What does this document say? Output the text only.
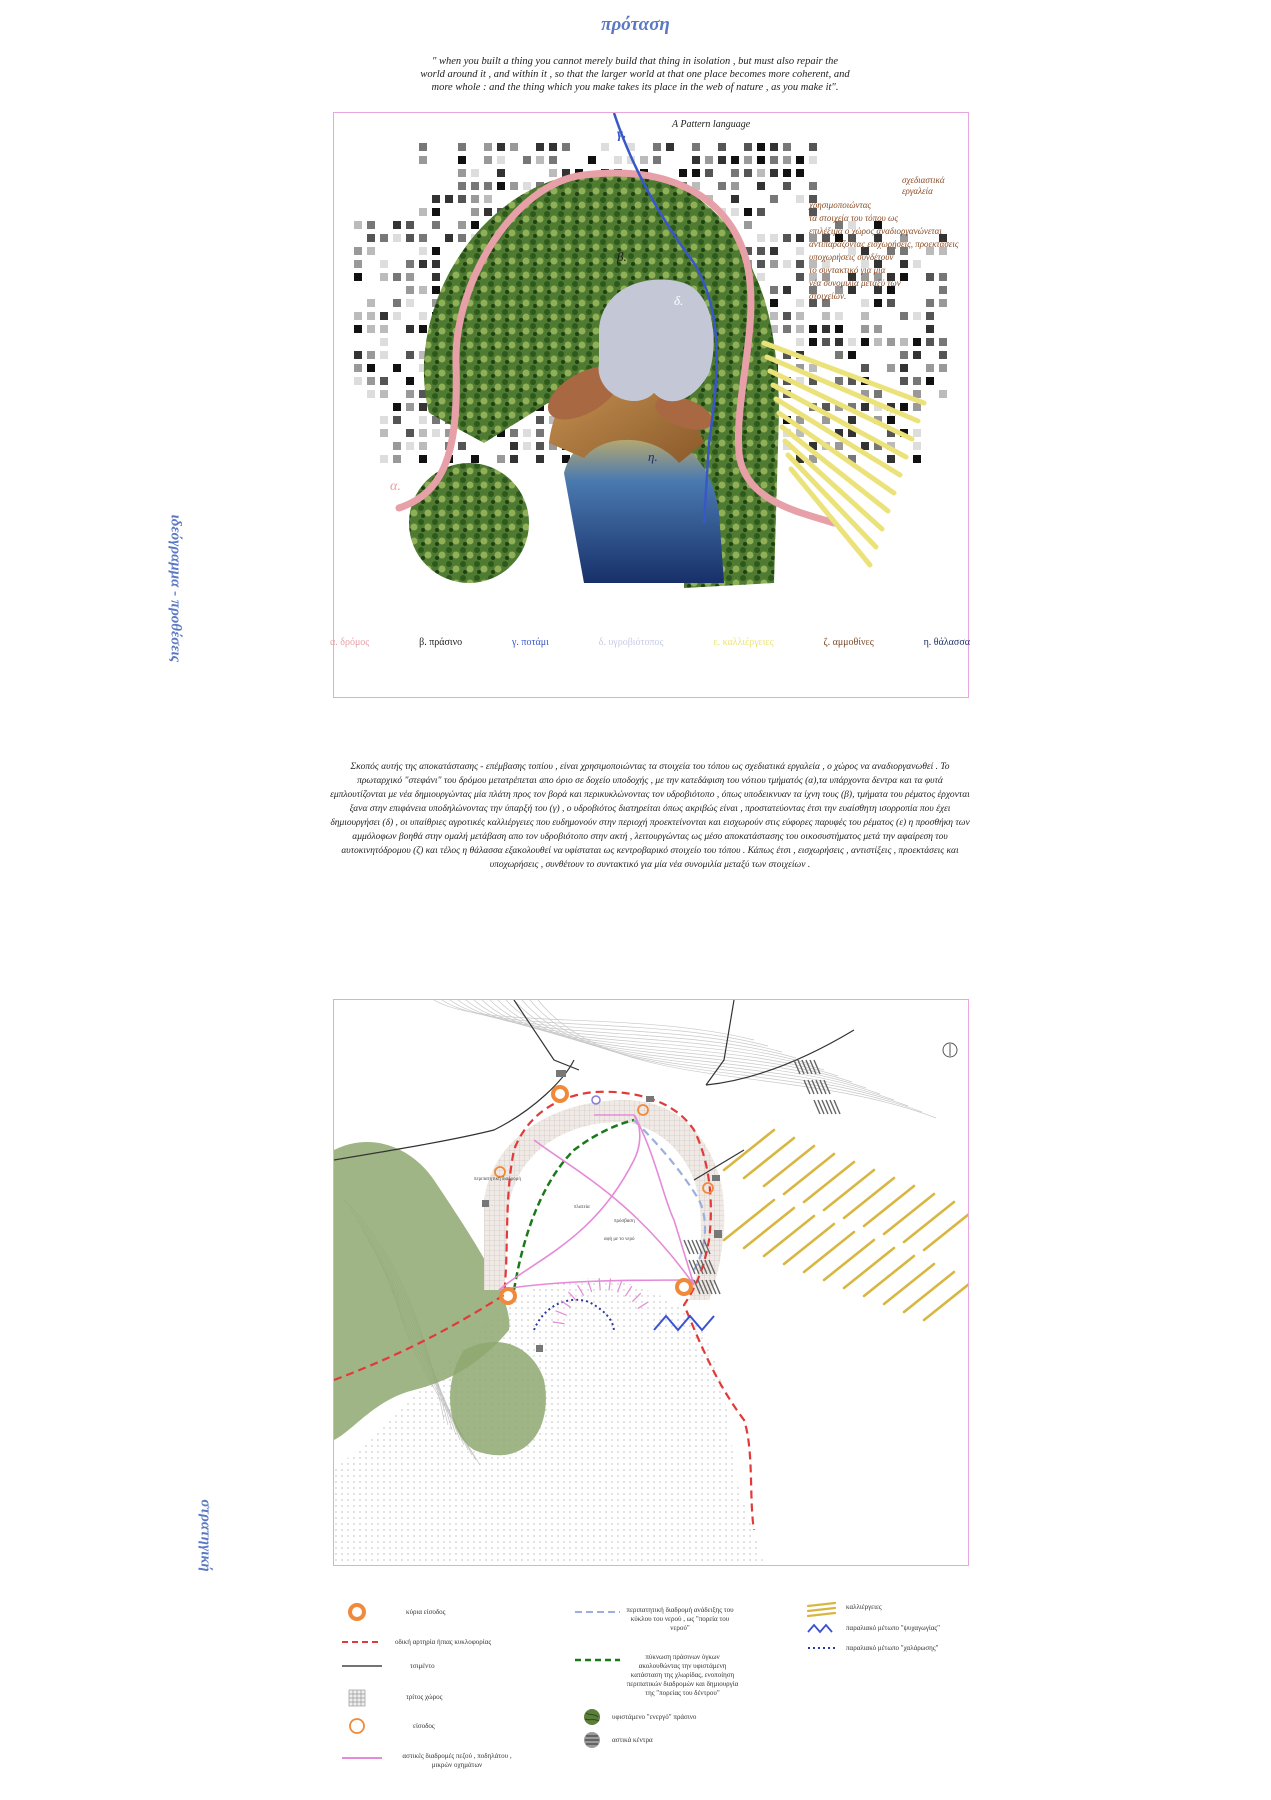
πρόταση
" when you built a thing you cannot merely build that thing in isolation , but must also repair the world around it , and within it , so that the larger world at that one place becomes more coherent, and more whole : and the thing which you make takes its place in the web of nature , as you make it".
A Pattern language
χρησιμοποιώντας
τα στοιχεία του τόπου ως
επιλέξιμα ο χώρος αναδιοργανώνεται
αντιπαράζοντας εισχωρήσεις, προεκτάσεις
υποχωρήσεις συνδέτουν
το συντακτικό για μια
νέα συνομιλία μεταξύ των
στοιχείων.
σχεδιαστικά
εργαλεία
α.
β.
γ.
δ.
ε.
η.
α. δρόμος	β. πράσινο	γ. ποτάμι	δ. υγροβιότοπος	ε. καλλιέργειες	ζ. αμμοθίνες	η. θάλασσα
ιδεόγραμμα - προθέσεις
Σκοπός αυτής της αποκατάστασης - επέμβασης τοπίου , είναι χρησιμοποιώντας τα στοιχεία του τόπου ως σχεδιατικά εργαλεία , ο χώρος να αναδιοργανωθεί . Το πρωταρχικό "στεφάνι" του δρόμου μετατρέπεται απο όριο σε δοχείο υποδοχής , με την κατεδάφιση του νότιου τμήματός (α),τα υπάρχοντα δεντρα και τα φυτά εμπλουτίζονται με νέα δημιουργώντας μία πλάτη προς τον βορά και περικυκλώνοντας τον υδροβιότοπο , όπως υποδεικνυαν τα ίχνη τους (β), τμήματα του ρέματος έρχονται ξανα στην επιφάνεια υποδηλώνοντας την ύπαρξή του (γ) , ο υδροβιότος διατηρείται όπως ακριβώς είναι , προστατεύοντας έτσι την ευαίσθητη ισορροπία που έχει δημιουργήσει (δ) , οι υπαίθριες αγροτικές καλλιέργειες που ευδημονούν στην περιοχή προεκτείνονται και εισχωρούν στις εύφορες παρυφές του ρέματος (ε) η προσθήκη των αμμόλοφων βοηθά στην ομαλή μετάβαση απο τον υδροβιότοπο στην ακτή , λειτουργώντας ως μέσο αποκατάστασης του οικοσυστήματος μετά την αφαίρεση του αυτοκινητόδρομου (ζ) και τέλος η θάλασσα εξακολουθεί να υφίσταται ως κεντροβαρικό στοιχείο του τόπου . Κάπως έτσι , εισχωρήσεις , αντιστίξεις , προεκτάσεις και υποχωρήσεις , συνθέτουν το συντακτικό για μία νέα συνομιλία μεταξύ των στοιχείων .
πλατεία
πρόσβαση
περιπατητική διαδρομή
αφή με το νερό
στρατηγική
κύρια είσοδος
οδική αρτηρία ήπιας κυκλοφορίας
τσιμέντο
τρίτος χώρος
είσοδος
αστικές διαδρομές πεζού , ποδηλάτου , μικρών οχημάτων
περιπατητική διαδρομή ανάδειξης του κύκλου του νερού , ως "πορεία του νερού"
πύκνωση πράσινων όγκων ακολουθώντας την υφιστάμενη κατάσταση της χλωρίδας, ενοποίηση περιπατικών διαδρομών και δημιουργία της "πορείας του δέντρου"
υφιστάμενο "ενεργό" πράσινο
αστικά κέντρα
καλλιέργειες
παραλιακό μέτωπο "ψυχαγωγίας"
παραλιακό μέτωπο "χαλάρωσης"
